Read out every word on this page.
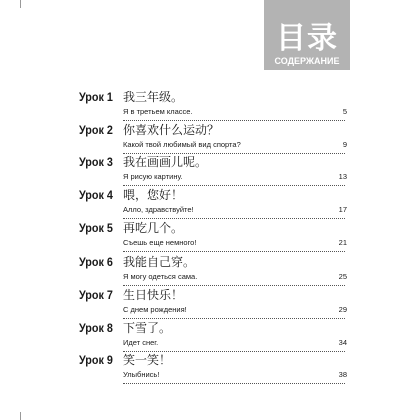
目录
СОДЕРЖАНИЕ
Урок 1 我三年级。
Я в третьем классе.	5
Урок 2 你喜欢什么运动？
Какой твой любимый вид спорта?	9
Урок 3 我在画画儿呢。
Я рисую картину.	13
Урок 4 喂，您好！
Алло, здравствуйте!	17
Урок 5 再吃几个。
Съешь еще немного!	21
Урок 6 我能自己穿。
Я могу одеться сама.	25
Урок 7 生日快乐！
С днем рождения!	29
Урок 8 下雪了。
Идет снег.	34
Урок 9 笑一笑！
Улыбнись!	38
